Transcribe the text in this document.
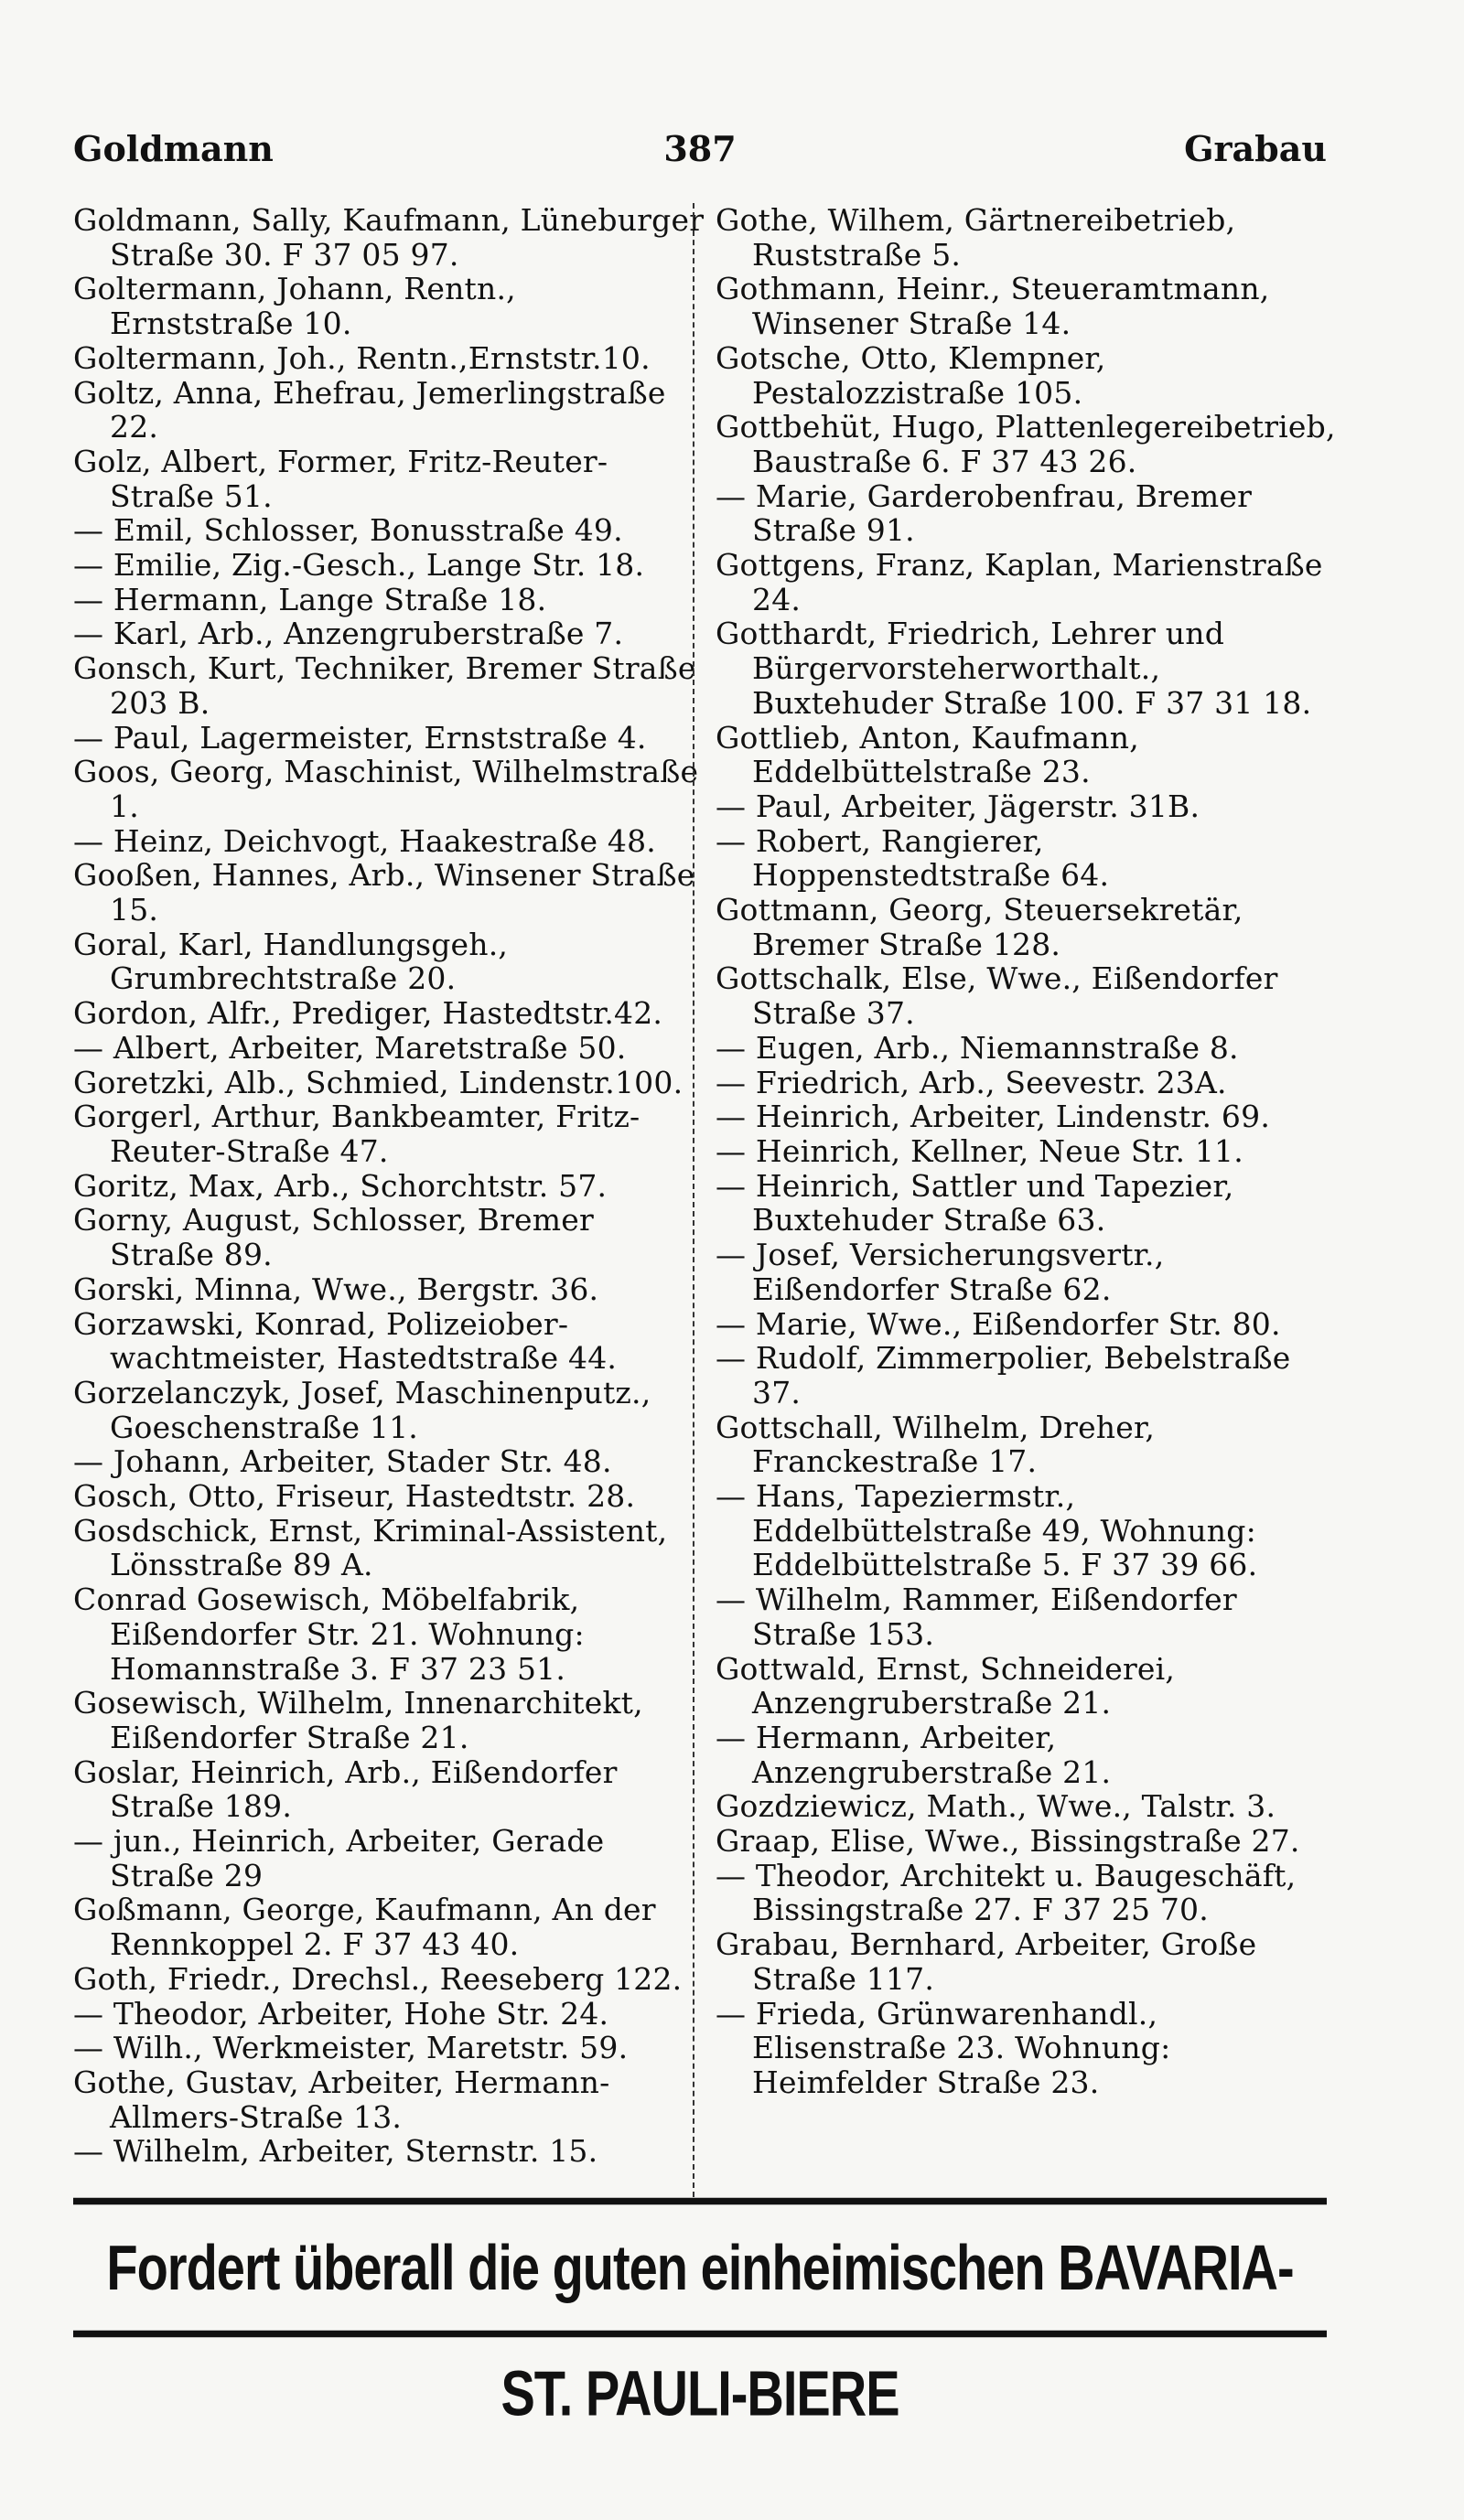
Goldmann	387	Grabau

Goldmann, Sally, Kaufmann, Lüneburger Straße 30. F 37 05 97.

Goltermann, Johann, Rentn., Ernststraße 10.

Goltermann, Joh., Rentn.,Ernststr.10.

Goltz, Anna, Ehefrau, Jemerlingstraße 22.

Golz, Albert, Former, Fritz-Reuter-Straße 51.

— Emil, Schlosser, Bonusstraße 49.

— Emilie, Zig.-Gesch., Lange Str. 18.

— Hermann, Lange Straße 18.

— Karl, Arb., Anzengruberstraße 7.

Gonsch, Kurt, Techniker, Bremer Straße 203 B.

— Paul, Lagermeister, Ernststraße 4.

Goos, Georg, Maschinist, Wilhelmstraße 1.

— Heinz, Deichvogt, Haakestraße 48.

Gooßen, Hannes, Arb., Winsener Straße 15.

Goral, Karl, Handlungsgeh., Grumbrechtstraße 20.

Gordon, Alfr., Prediger, Hastedtstr.42.

— Albert, Arbeiter, Maretstraße 50.

Goretzki, Alb., Schmied, Lindenstr.100.

Gorgerl, Arthur, Bankbeamter, Fritz-Reuter-Straße 47.

Goritz, Max, Arb., Schorchtstr. 57.

Gorny, August, Schlosser, Bremer Straße 89.

Gorski, Minna, Wwe., Bergstr. 36.

Gorzawski, Konrad, Polizeiober-wachtmeister, Hastedtstraße 44.

Gorzelanczyk, Josef, Maschinenputz., Goeschenstraße 11.

— Johann, Arbeiter, Stader Str. 48.

Gosch, Otto, Friseur, Hastedtstr. 28.

Gosdschick, Ernst, Kriminal-Assistent, Lönsstraße 89 A.

Conrad Gosewisch, Möbelfabrik, Eißendorfer Str. 21. Wohnung: Homannstraße 3. F 37 23 51.

Gosewisch, Wilhelm, Innenarchitekt, Eißendorfer Straße 21.

Goslar, Heinrich, Arb., Eißendorfer Straße 189.

— jun., Heinrich, Arbeiter, Gerade Straße 29

Goßmann, George, Kaufmann, An der Rennkoppel 2. F 37 43 40.

Goth, Friedr., Drechsl., Reeseberg 122.

— Theodor, Arbeiter, Hohe Str. 24.

— Wilh., Werkmeister, Maretstr. 59.

Gothe, Gustav, Arbeiter, Hermann-Allmers-Straße 13.

— Wilhelm, Arbeiter, Sternstr. 15.

Gothe, Wilhem, Gärtnereibetrieb, Ruststraße 5.

Gothmann, Heinr., Steueramtmann, Winsener Straße 14.

Gotsche, Otto, Klempner, Pestalozzistraße 105.

Gottbehüt, Hugo, Plattenlegereibetrieb, Baustraße 6. F 37 43 26.

— Marie, Garderobenfrau, Bremer Straße 91.

Gottgens, Franz, Kaplan, Marienstraße 24.

Gotthardt, Friedrich, Lehrer und Bürgervorsteherworthalt., Buxtehuder Straße 100. F 37 31 18.

Gottlieb, Anton, Kaufmann, Eddelbüttelstraße 23.

— Paul, Arbeiter, Jägerstr. 31B.

— Robert, Rangierer, Hoppenstedtstraße 64.

Gottmann, Georg, Steuersekretär, Bremer Straße 128.

Gottschalk, Else, Wwe., Eißendorfer Straße 37.

— Eugen, Arb., Niemannstraße 8.

— Friedrich, Arb., Seevestr. 23A.

— Heinrich, Arbeiter, Lindenstr. 69.

— Heinrich, Kellner, Neue Str. 11.

— Heinrich, Sattler und Tapezier, Buxtehuder Straße 63.

— Josef, Versicherungsvertr., Eißendorfer Straße 62.

— Marie, Wwe., Eißendorfer Str. 80.

— Rudolf, Zimmerpolier, Bebelstraße 37.

Gottschall, Wilhelm, Dreher, Franckestraße 17.

— Hans, Tapeziermstr., Eddelbüttelstraße 49, Wohnung: Eddelbüttelstraße 5. F 37 39 66.

— Wilhelm, Rammer, Eißendorfer Straße 153.

Gottwald, Ernst, Schneiderei, Anzengruberstraße 21.

— Hermann, Arbeiter, Anzengruberstraße 21.

Gozdziewicz, Math., Wwe., Talstr. 3.

Graap, Elise, Wwe., Bissingstraße 27.

— Theodor, Architekt u. Baugeschäft, Bissingstraße 27. F 37 25 70.

Grabau, Bernhard, Arbeiter, Große Straße 117.

— Frieda, Grünwarenhandl., Elisenstraße 23. Wohnung: Heimfelder Straße 23.

Fordert überall die guten einheimischen BAVARIA-ST. PAULI-BIERE
